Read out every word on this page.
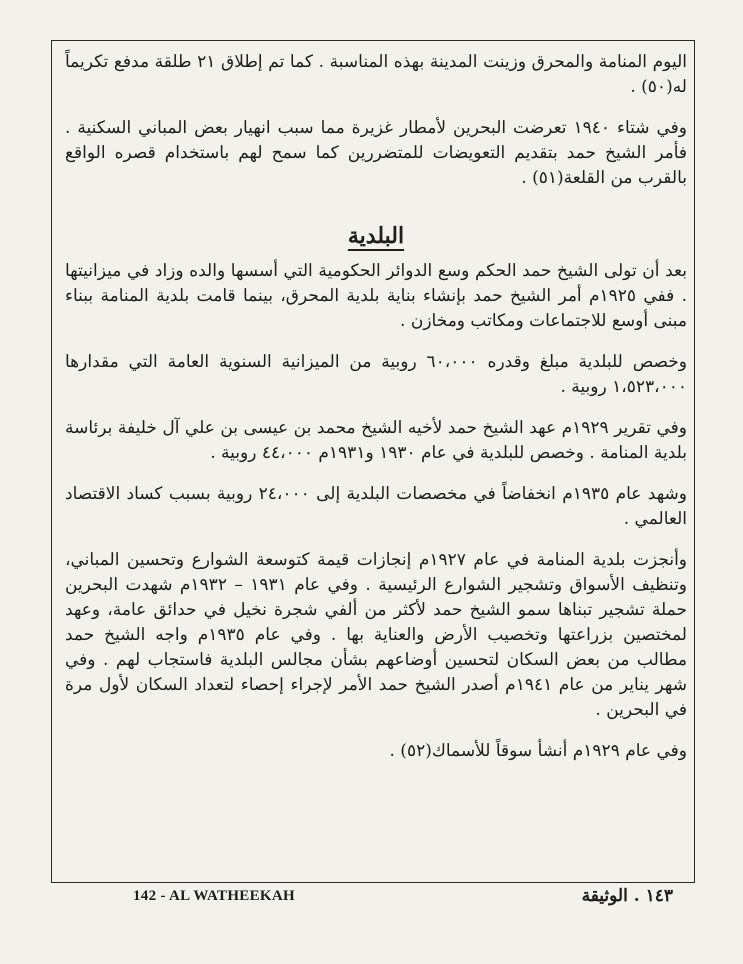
اليوم المنامة والمحرق وزينت المدينة بهذه المناسبة . كما تم إطلاق ٢١ طلقة مدفع تكريماً له(٥٠) .

وفي شتاء ١٩٤٠ تعرضت البحرين لأمطار غزيرة مما سبب انهيار بعض المباني السكنية . فأمر الشيخ حمد بتقديم التعويضات للمتضررين كما سمح لهم باستخدام قصره الواقع بالقرب من القلعة(٥١) .

البلدية

بعد أن تولى الشيخ حمد الحكم وسع الدوائر الحكومية التي أسسها والده وزاد في ميزانيتها . ففي ١٩٢٥م أمر الشيخ حمد بإنشاء بناية بلدية المحرق، بينما قامت بلدية المنامة ببناء مبنى أوسع للاجتماعات ومكاتب ومخازن .

وخصص للبلدية مبلغ وقدره ٦٠،٠٠٠ روبية من الميزانية السنوية العامة التي مقدارها ١،٥٢٣،٠٠٠ روبية .

وفي تقرير ١٩٢٩م عهد الشيخ حمد لأخيه الشيخ محمد بن عيسى بن علي آل خليفة برئاسة بلدية المنامة . وخصص للبلدية في عام ١٩٣٠ و١٩٣١م ٤٤،٠٠٠ روبية .

وشهد عام ١٩٣٥م انخفاضاً في مخصصات البلدية إلى ٢٤،٠٠٠ روبية بسبب كساد الاقتصاد العالمي .

وأنجزت بلدية المنامة في عام ١٩٢٧م إنجازات قيمة كتوسعة الشوارع وتحسين المباني، وتنظيف الأسواق وتشجير الشوارع الرئيسية . وفي عام ١٩٣١ – ١٩٣٢م شهدت البحرين حملة تشجير تبناها سمو الشيخ حمد لأكثر من ألفي شجرة نخيل في حدائق عامة، وعهد لمختصين بزراعتها وتخصيب الأرض والعناية بها . وفي عام ١٩٣٥م واجه الشيخ حمد مطالب من بعض السكان لتحسين أوضاعهم بشأن مجالس البلدية فاستجاب لهم . وفي شهر يناير من عام ١٩٤١م أصدر الشيخ حمد الأمر لإجراء إحصاء لتعداد السكان لأول مرة في البحرين .

وفي عام ١٩٢٩م أنشأ سوقاً للأسماك(٥٢) .

142 - AL WATHEEKAH	١٤٣ . الوثيقة
